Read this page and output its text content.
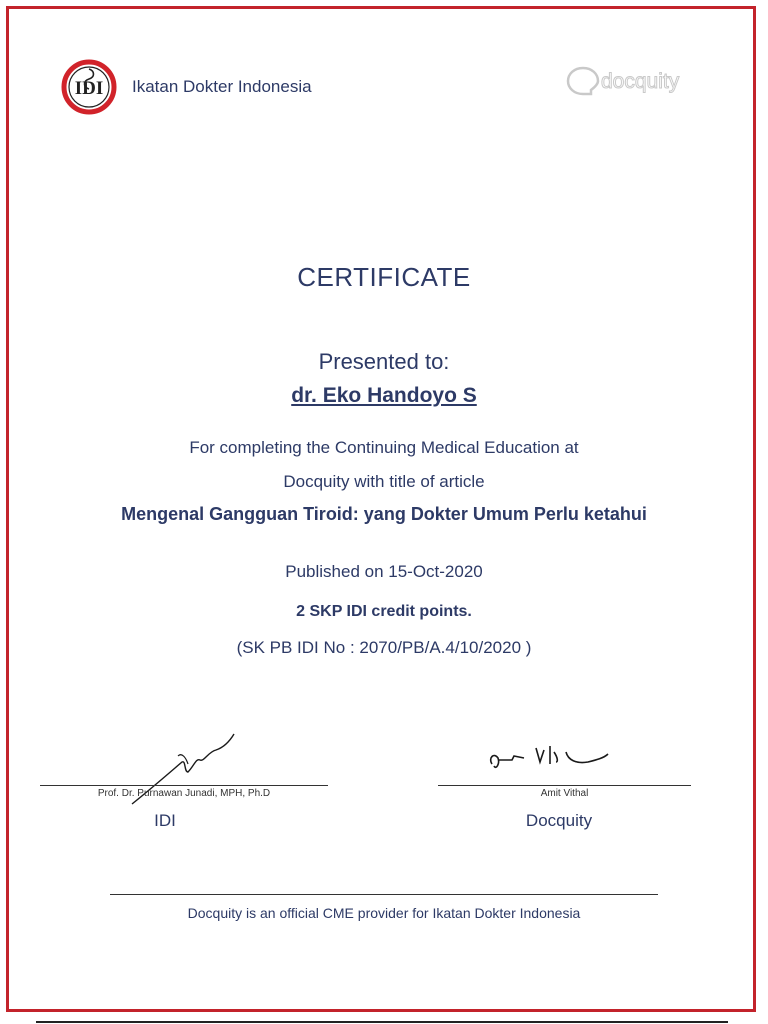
IDI Ikatan Dokter Indonesia	docquity
CERTIFICATE
Presented to:
dr. Eko Handoyo S
For completing the Continuing Medical Education at
Docquity with title of article
Mengenal Gangguan Tiroid: yang Dokter Umum Perlu ketahui
Published on 15-Oct-2020
2 SKP IDI credit points.
(SK PB IDI No : 2070/PB/A.4/10/2020 )
Prof. Dr. Purnawan Junadi, MPH, Ph.D
IDI
Amit Vithal
Docquity
Docquity is an official CME provider for Ikatan Dokter Indonesia
